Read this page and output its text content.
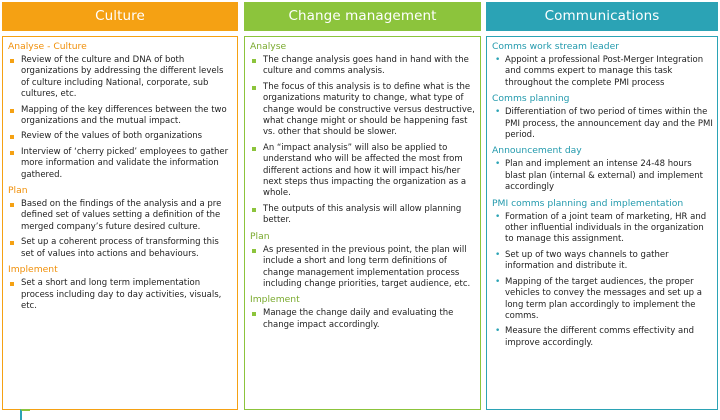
Culture
Analyse - Culture
Review of the culture and DNA of both organizations by addressing the different levels of culture including National, corporate, sub cultures, etc.
Mapping of the key differences between the two organizations and the mutual impact.
Review of the values of both organizations
Interview of ‘cherry picked’ employees to gather more information and validate the information gathered.
Plan
Based on the findings of the analysis and a pre defined set of values setting a definition of the merged company’s future desired culture.
Set up a coherent process of transforming this set of values into actions and behaviours.
Implement
Set a short and long term implementation process including day to day activities, visuals, etc.
Change management
Analyse
The change analysis goes hand in hand with the culture and comms analysis.
The focus of this analysis is to define what is the organizations maturity to change, what type of change would be constructive versus destructive, what change might or should be happening fast vs. other that should be slower.
An “impact analysis” will also be applied to understand who will be affected the most from different actions and how it will impact his/her next steps thus impacting the organization as a whole.
The outputs of this analysis will allow planning better.
Plan
As presented in the previous point, the plan will include a short and long term definitions of change management implementation process including change priorities, target audience, etc.
Implement
Manage the change daily and evaluating the change impact accordingly.
Communications
Comms work stream leader
• Appoint a professional Post-Merger Integration and comms expert to manage this task throughout the complete PMI process
Comms planning
• Differentiation of two period of times within the PMI process, the announcement day and the PMI period.
Announcement day
• Plan and implement an intense 24-48 hours blast plan (internal & external) and implement accordingly
PMI comms planning and implementation
• Formation of a joint team of marketing, HR and other influential individuals in the organization to manage this assignment.
• Set up of two ways channels to gather information and distribute it.
• Mapping of the target audiences, the proper vehicles to convey the messages and set up a long term plan accordingly to implement the comms.
• Measure the different comms effectivity and improve accordingly.
